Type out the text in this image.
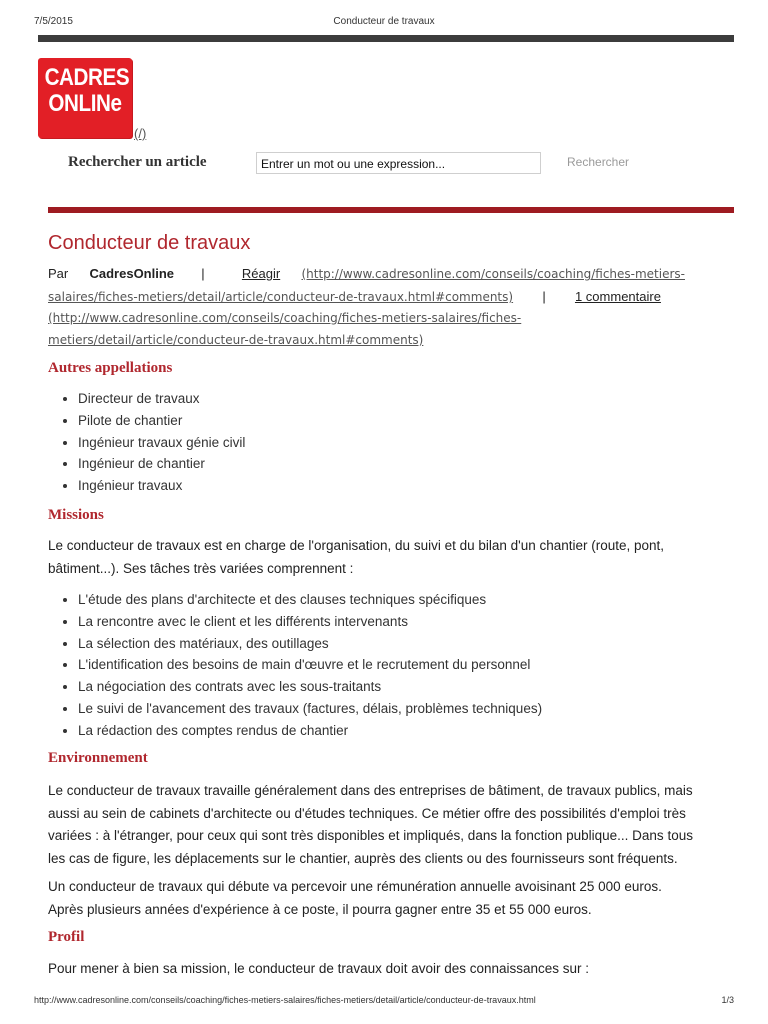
7/5/2015	Conducteur de travaux
CADRES
ONLINe
(/)
Rechercher un article	Entrer un mot ou une expression...	Rechercher
Conducteur de travaux
Par CadresOnline |	Réagir (http://www.cadresonline.com/conseils/coaching/fiches-metiers-
salaires/fiches-metiers/detail/article/conducteur-de-travaux.html#comments) | 1 commentaire
(http://www.cadresonline.com/conseils/coaching/fiches-metiers-salaires/fiches-
metiers/detail/article/conducteur-de-travaux.html#comments)
Autres appellations
• Directeur de travaux
• Pilote de chantier
• Ingénieur travaux génie civil
• Ingénieur de chantier
• Ingénieur travaux
Missions
Le conducteur de travaux est en charge de l'organisation, du suivi et du bilan d'un chantier (route, pont,
bâtiment...). Ses tâches très variées comprennent :
• L'étude des plans d'architecte et des clauses techniques spécifiques
• La rencontre avec le client et les différents intervenants
• La sélection des matériaux, des outillages
• L'identification des besoins de main d'œuvre et le recrutement du personnel
• La négociation des contrats avec les sous-traitants
• Le suivi de l'avancement des travaux (factures, délais, problèmes techniques)
• La rédaction des comptes rendus de chantier
Environnement
Le conducteur de travaux travaille généralement dans des entreprises de bâtiment, de travaux publics, mais
aussi au sein de cabinets d'architecte ou d'études techniques. Ce métier offre des possibilités d'emploi très
variées : à l'étranger, pour ceux qui sont très disponibles et impliqués, dans la fonction publique... Dans tous
les cas de figure, les déplacements sur le chantier, auprès des clients ou des fournisseurs sont fréquents.
Un conducteur de travaux qui débute va percevoir une rémunération annuelle avoisinant 25 000 euros.
Après plusieurs années d'expérience à ce poste, il pourra gagner entre 35 et 55 000 euros.
Profil
Pour mener à bien sa mission, le conducteur de travaux doit avoir des connaissances sur :
http://www.cadresonline.com/conseils/coaching/fiches-metiers-salaires/fiches-metiers/detail/article/conducteur-de-travaux.html	1/3
